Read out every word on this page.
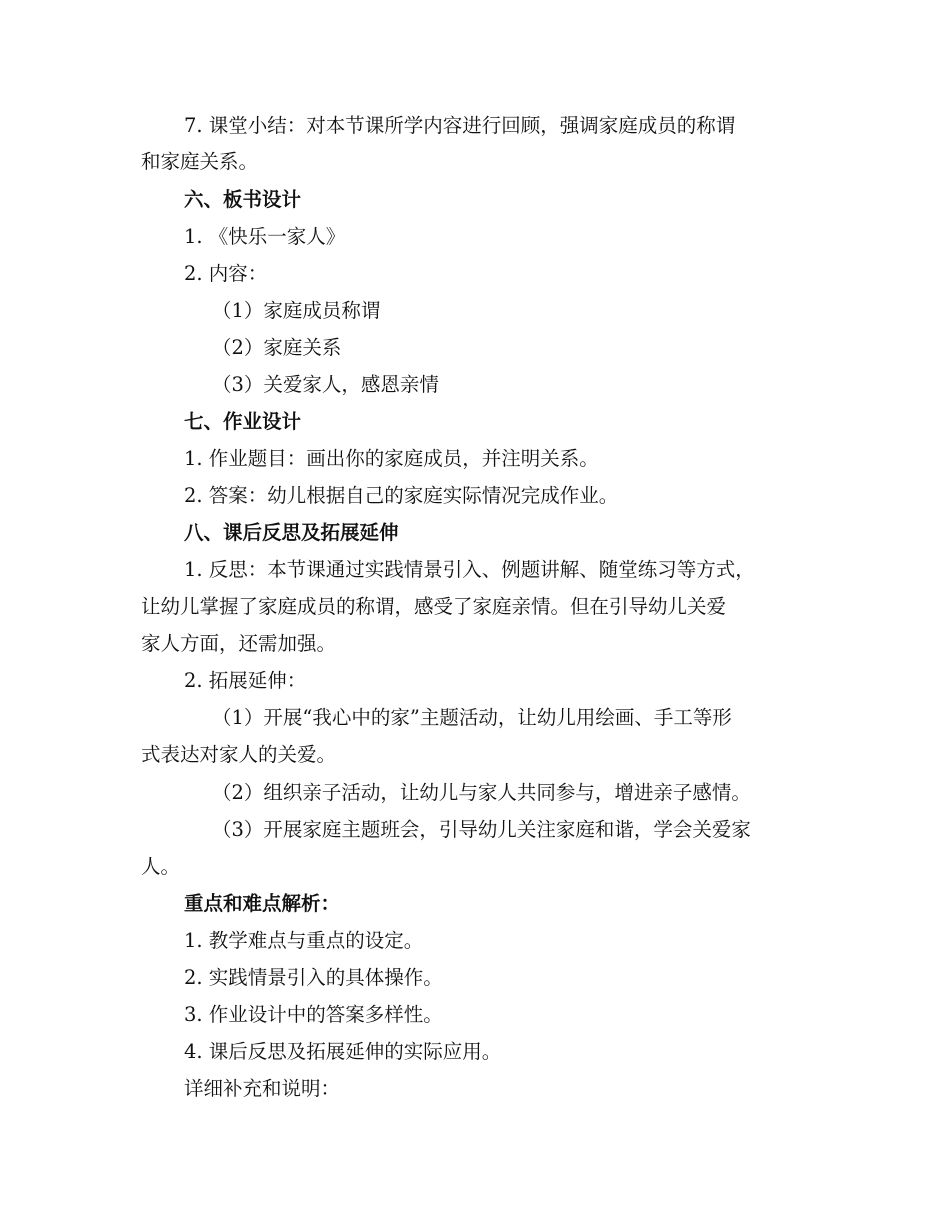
7. 课堂小结：对本节课所学内容进行回顾，强调家庭成员的称谓
和家庭关系。
六、板书设计
1. 《快乐一家人》
2. 内容：
（1）家庭成员称谓
（2）家庭关系
（3）关爱家人，感恩亲情
七、作业设计
1. 作业题目：画出你的家庭成员，并注明关系。
2. 答案：幼儿根据自己的家庭实际情况完成作业。
八、课后反思及拓展延伸
1. 反思：本节课通过实践情景引入、例题讲解、随堂练习等方式，
让幼儿掌握了家庭成员的称谓，感受了家庭亲情。但在引导幼儿关爱
家人方面，还需加强。
2. 拓展延伸：
（1）开展“我心中的家”主题活动，让幼儿用绘画、手工等形
式表达对家人的关爱。
（2）组织亲子活动，让幼儿与家人共同参与，增进亲子感情。
（3）开展家庭主题班会，引导幼儿关注家庭和谐，学会关爱家
人。
重点和难点解析：
1. 教学难点与重点的设定。
2. 实践情景引入的具体操作。
3. 作业设计中的答案多样性。
4. 课后反思及拓展延伸的实际应用。
详细补充和说明：
